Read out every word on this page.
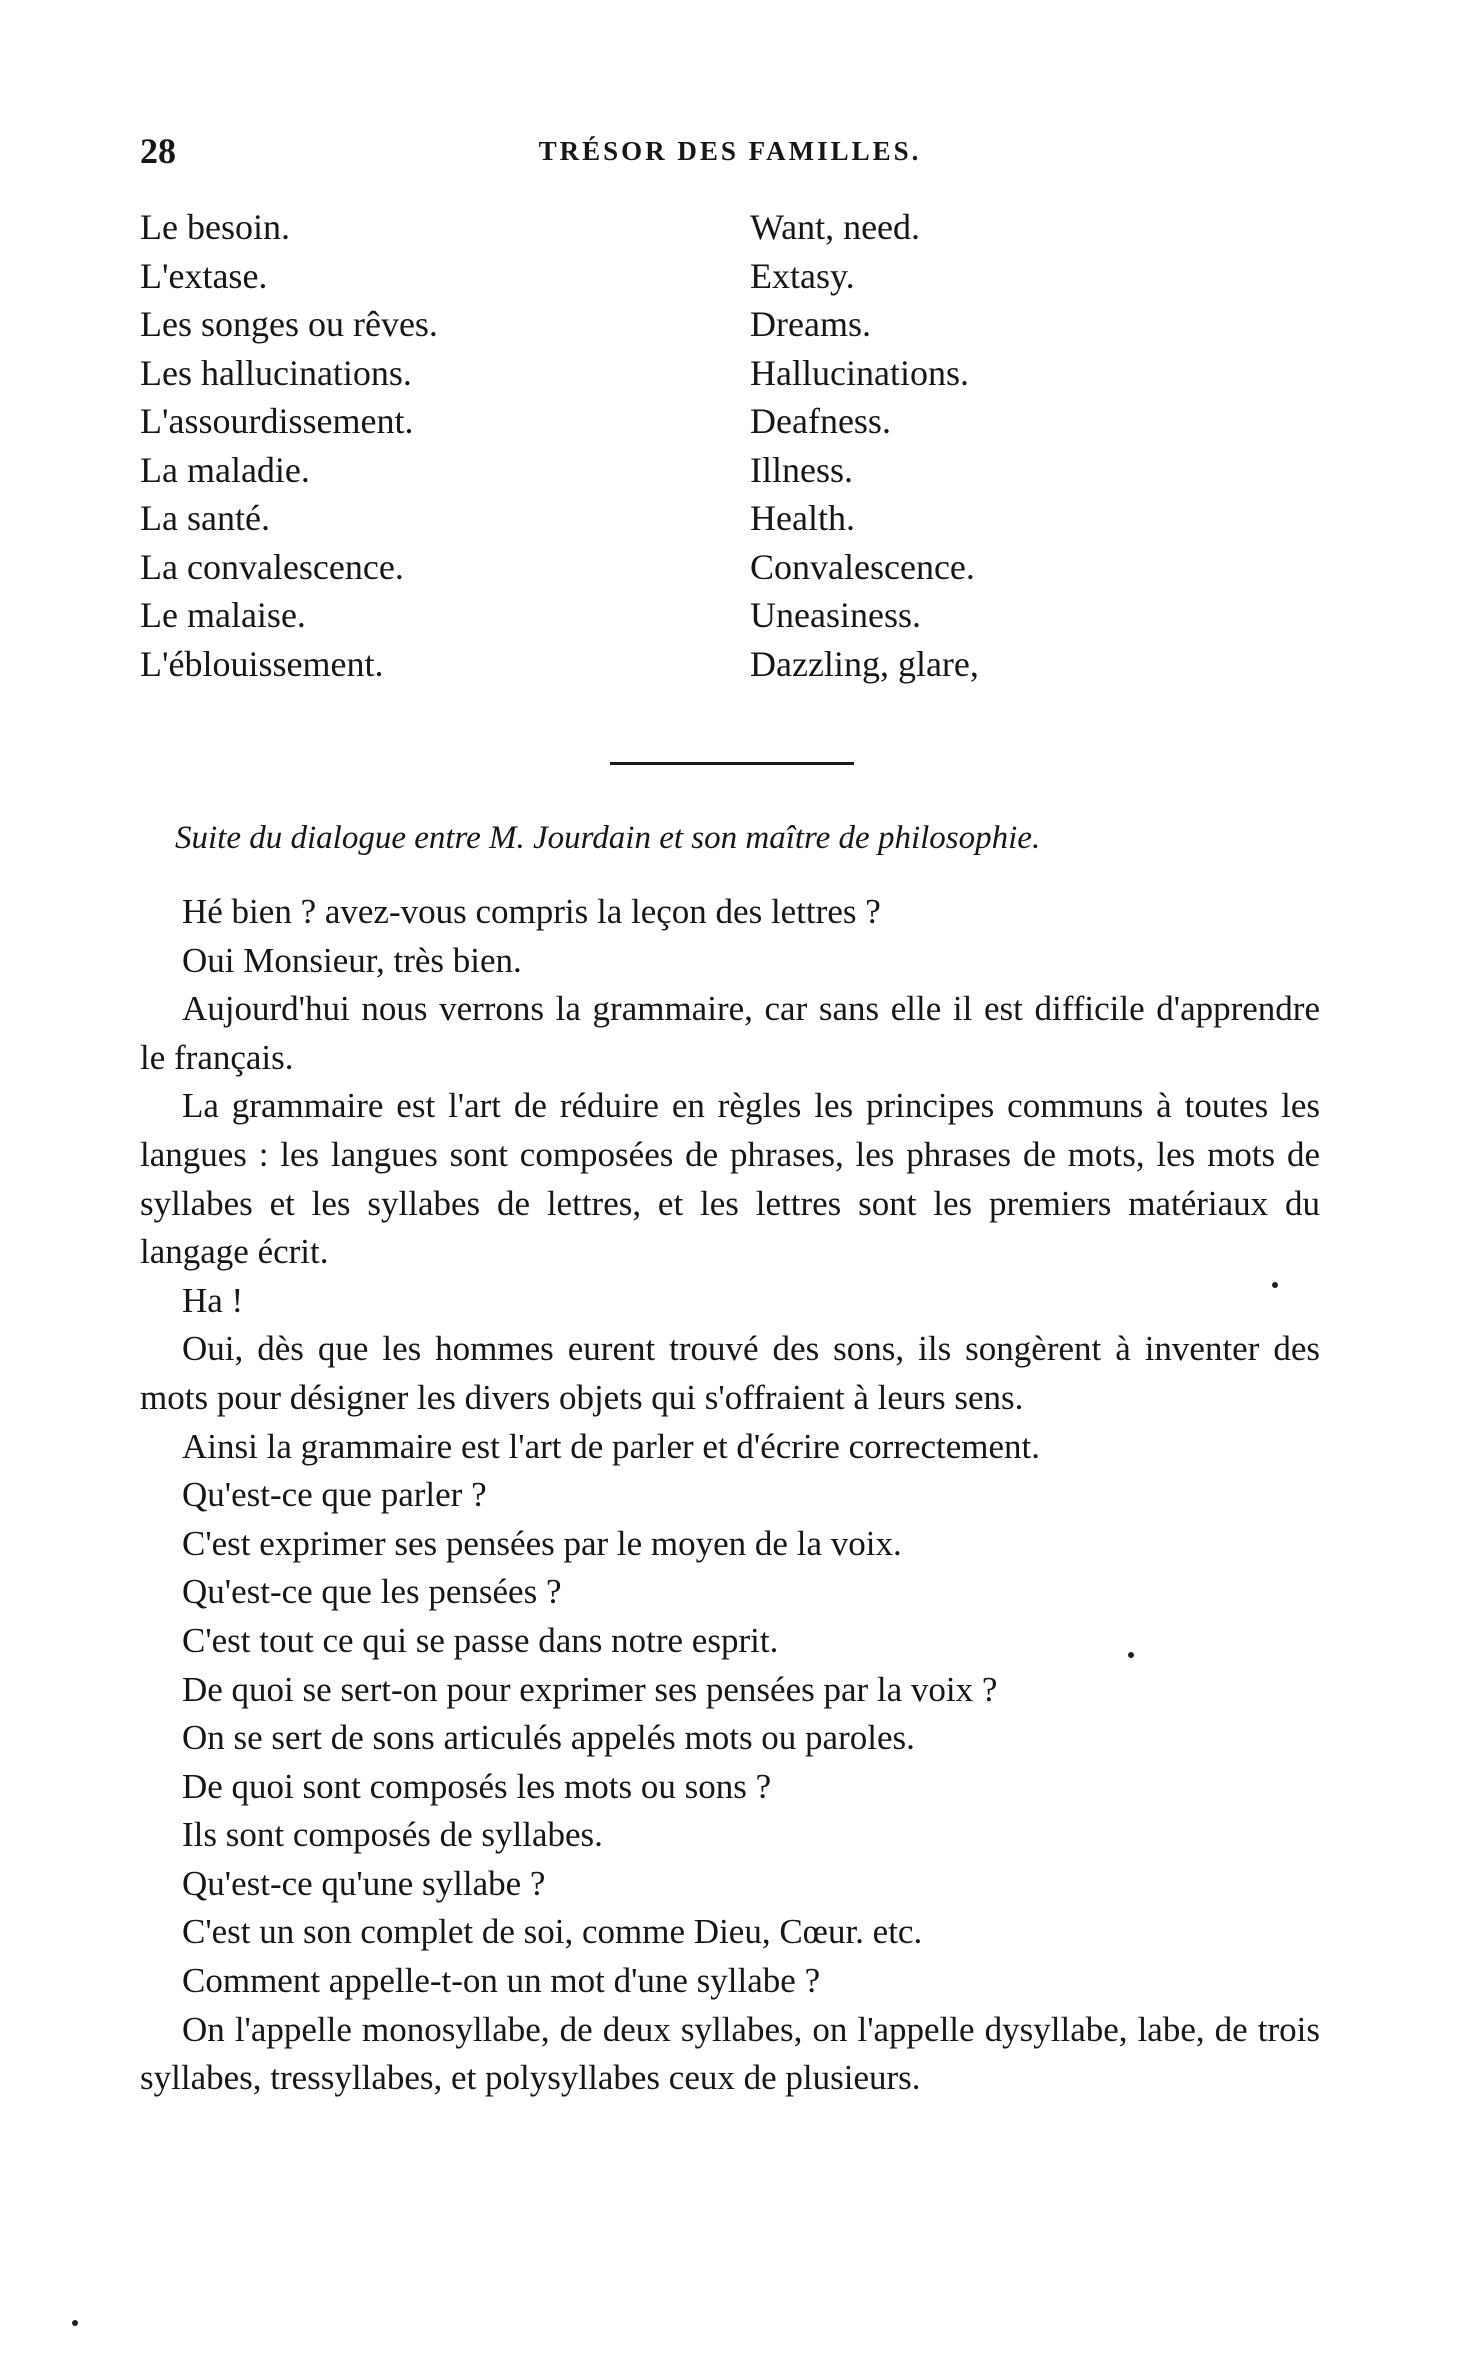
28	TRÉSOR DES FAMILLES.
Le besoin.	Want, need.
L'extase.	Extasy.
Les songes ou rêves.	Dreams.
Les hallucinations.	Hallucinations.
L'assourdissement.	Deafness.
La maladie.	Illness.
La santé.	Health.
La convalescence.	Convalescence.
Le malaise.	Uneasiness.
L'éblouissement.	Dazzling, glare,
Suite du dialogue entre M. Jourdain et son maître de philosophie.

Hé bien ? avez-vous compris la leçon des lettres ?

Oui Monsieur, très bien.

Aujourd'hui nous verrons la grammaire, car sans elle il est difficile d'apprendre le français.

La grammaire est l'art de réduire en règles les principes communs à toutes les langues : les langues sont composées de phrases, les phrases de mots, les mots de syllabes et les syllabes de lettres, et les lettres sont les premiers matériaux du langage écrit.

Ha !

Oui, dès que les hommes eurent trouvé des sons, ils songèrent à inventer des mots pour désigner les divers objets qui s'offraient à leurs sens.

Ainsi la grammaire est l'art de parler et d'écrire correctement.

Qu'est-ce que parler ?

C'est exprimer ses pensées par le moyen de la voix.

Qu'est-ce que les pensées ?

C'est tout ce qui se passe dans notre esprit.

De quoi se sert-on pour exprimer ses pensées par la voix ?

On se sert de sons articulés appelés mots ou paroles.

De quoi sont composés les mots ou sons ?

Ils sont composés de syllabes.

Qu'est-ce qu'une syllabe ?

C'est un son complet de soi, comme Dieu, Cœur. etc.

Comment appelle-t-on un mot d'une syllabe ?

On l'appelle monosyllabe, de deux syllabes, on l'appelle dysyllabe, labe, de trois syllabes, tressyllabes, et polysyllabes ceux de plusieurs.
